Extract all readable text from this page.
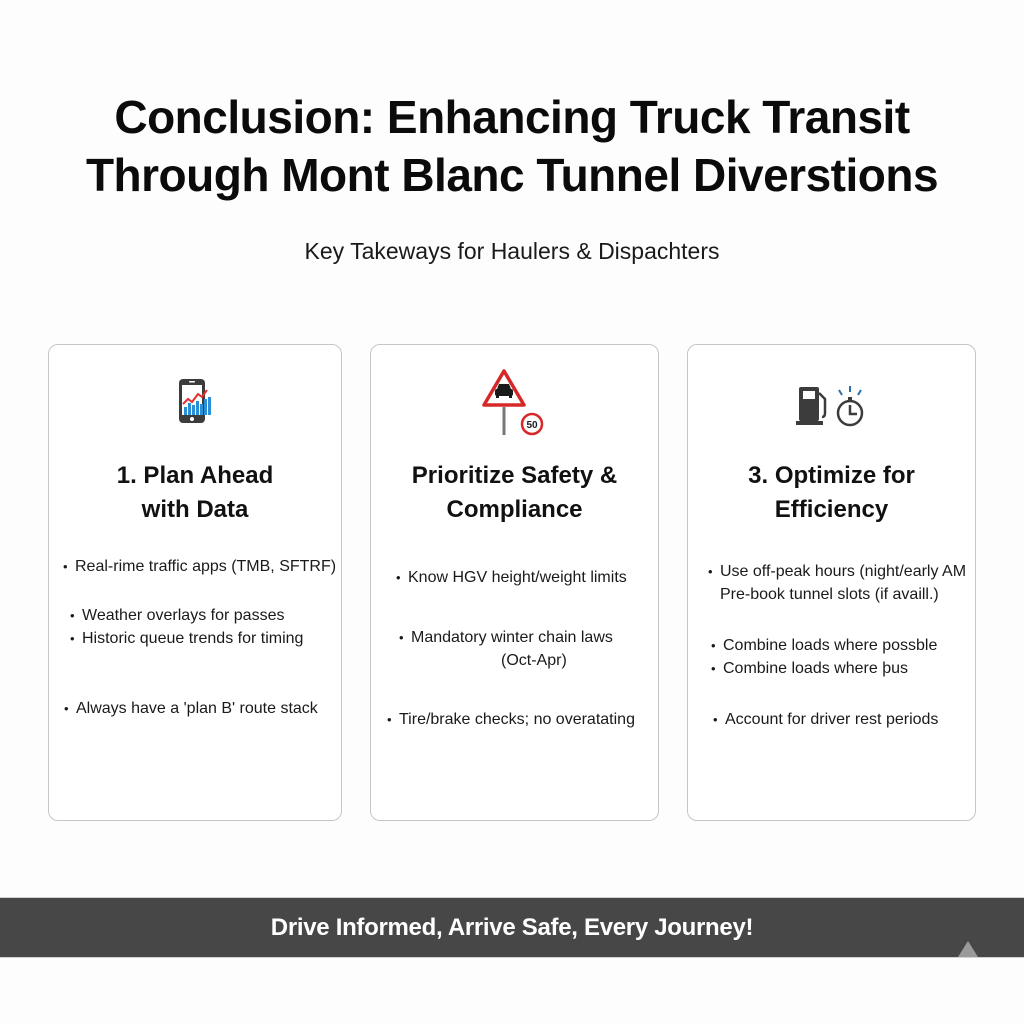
Conclusion: Enhancing Truck Transit
Through Mont Blanc Tunnel Diverstions
Key Takeways for Haulers & Dispachters
1. Plan Ahead
with Data
• Real-rime traffic apps (TMB, SFTRF)
• Weather overlays for passes
• Historic queue trends for timing
• Always have a 'plan B' route stack
50
Prioritize Safety &
Compliance
• Know HGV height/weight limits
• Mandatory winter chain laws
(Oct-Apr)
• Tire/brake checks; no overatating
3. Optimize for
Efficiency
• Use off-peak hours (night/early AM
Pre-book tunnel slots (if availl.)
• Combine loads where possble
• Combine loads where þus
• Account for driver rest periods
Drive Informed, Arrive Safe, Every Journey!
